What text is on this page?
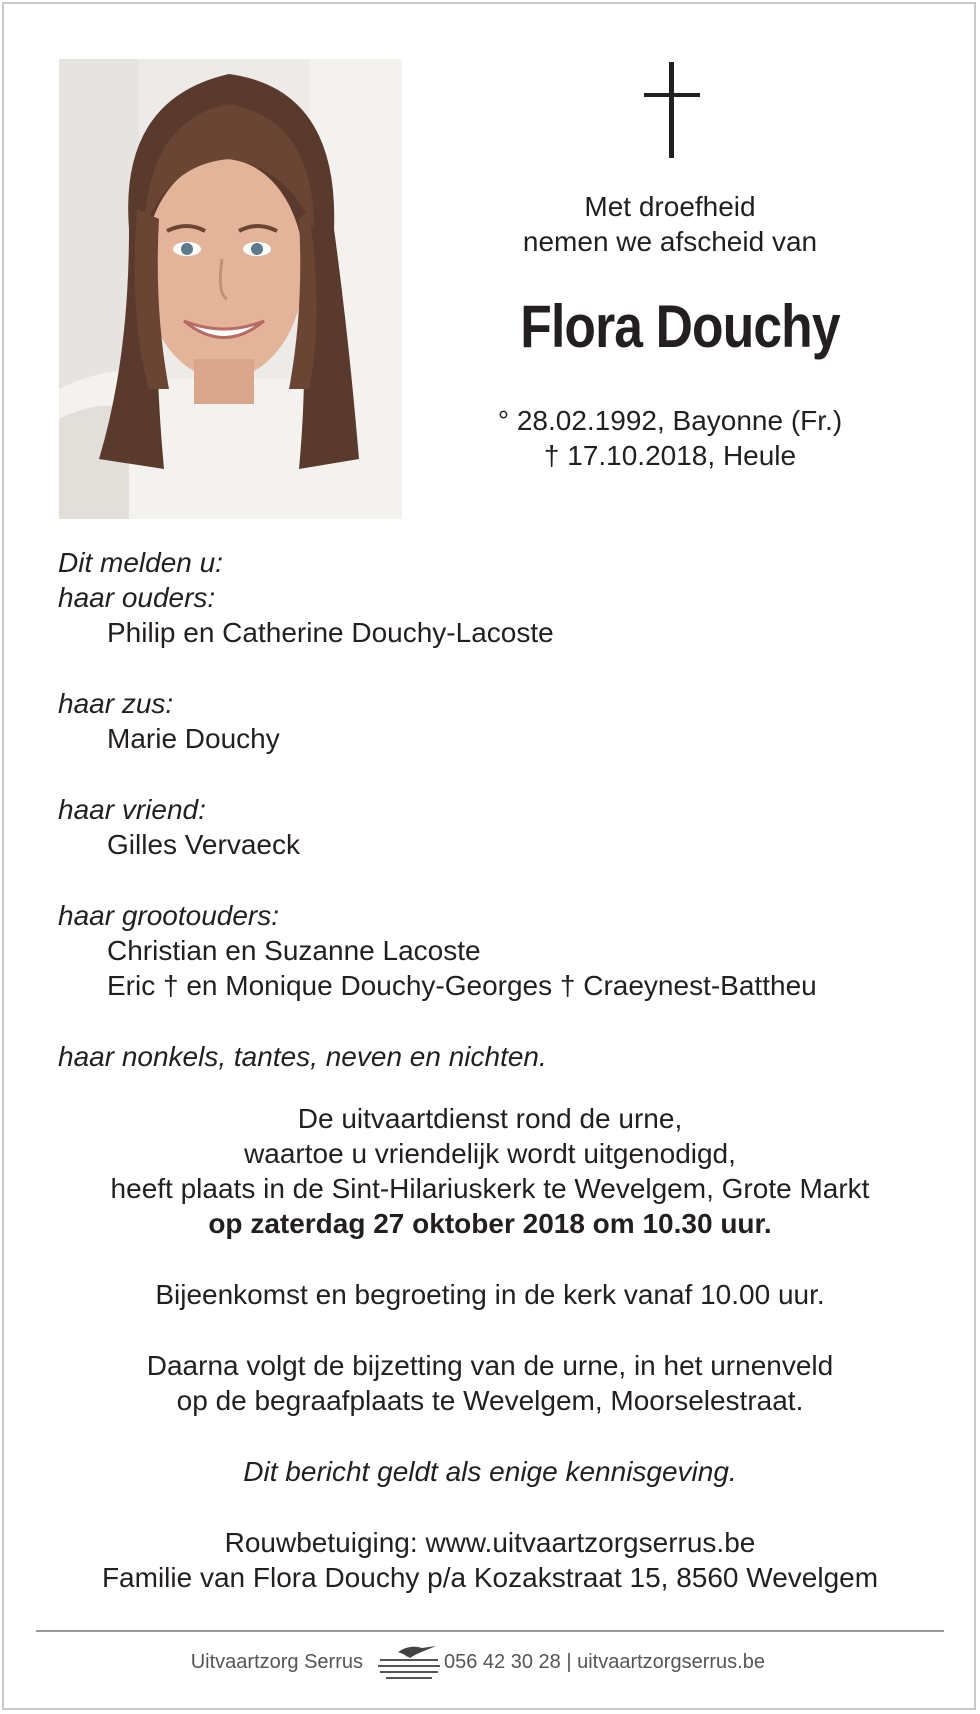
Met droefheid
nemen we afscheid van
Flora Douchy
° 28.02.1992, Bayonne (Fr.)
† 17.10.2018, Heule
Dit melden u:
haar ouders:
Philip en Catherine Douchy-Lacoste
haar zus:
Marie Douchy
haar vriend:
Gilles Vervaeck
haar grootouders:
Christian en Suzanne Lacoste
Eric † en Monique Douchy-Georges † Craeynest-Battheu
haar nonkels, tantes, neven en nichten.
De uitvaartdienst rond de urne,
waartoe u vriendelijk wordt uitgenodigd,
heeft plaats in de Sint-Hilariuskerk te Wevelgem, Grote Markt
op zaterdag 27 oktober 2018 om 10.30 uur.
Bijeenkomst en begroeting in de kerk vanaf 10.00 uur.
Daarna volgt de bijzetting van de urne, in het urnenveld
op de begraafplaats te Wevelgem, Moorselestraat.
Dit bericht geldt als enige kennisgeving.
Rouwbetuiging: www.uitvaartzorgserrus.be
Familie van Flora Douchy p/a Kozakstraat 15, 8560 Wevelgem
Uitvaartzorg Serrus	056 42 30 28 | uitvaartzorgserrus.be
